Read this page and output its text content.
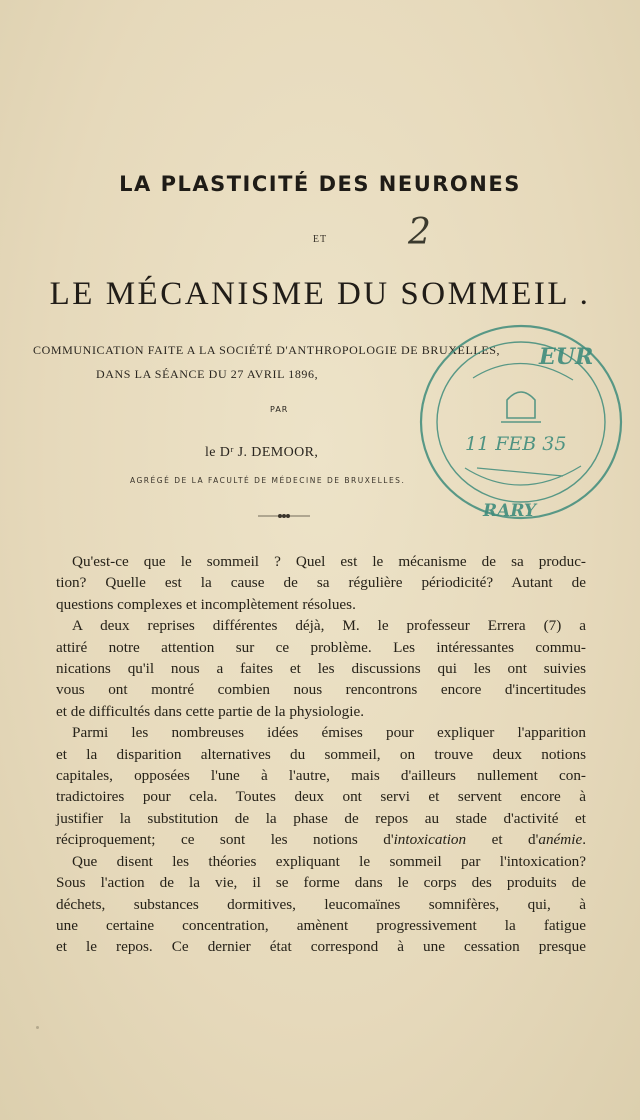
LA PLASTICITÉ DES NEURONES
2
ET
LE MÉCANISME DU SOMMEIL .
COMMUNICATION FAITE A LA SOCIÉTÉ D'ANTHROPOLOGIE DE BRUXELLES,
DANS LA SÉANCE DU 27 AVRIL 1896,
PAR
le Dʳ J. DEMOOR,
AGRÉGÉ DE LA FACULTÉ DE MÉDECINE DE BRUXELLES.
EUR
11 FEB 35
RARY
Qu'est-ce que le sommeil ? Quel est le mécanisme de sa produc-
tion? Quelle est la cause de sa régulière périodicité? Autant de
questions complexes et incomplètement résolues.
A deux reprises différentes déjà, M. le professeur Errera (7) a
attiré notre attention sur ce problème. Les intéressantes commu-
nications qu'il nous a faites et les discussions qui les ont suivies
vous ont montré combien nous rencontrons encore d'incertitudes
et de difficultés dans cette partie de la physiologie.
Parmi les nombreuses idées émises pour expliquer l'apparition
et la disparition alternatives du sommeil, on trouve deux notions
capitales, opposées l'une à l'autre, mais d'ailleurs nullement con-
tradictoires pour cela. Toutes deux ont servi et servent encore à
justifier la substitution de la phase de repos au stade d'activité et
réciproquement; ce sont les notions d'intoxication et d'anémie.
Que disent les théories expliquant le sommeil par l'intoxication?
Sous l'action de la vie, il se forme dans le corps des produits de
déchets, substances dormitives, leucomaïnes somnifères, qui, à
une certaine concentration, amènent progressivement la fatigue
et le repos. Ce dernier état correspond à une cessation presque
